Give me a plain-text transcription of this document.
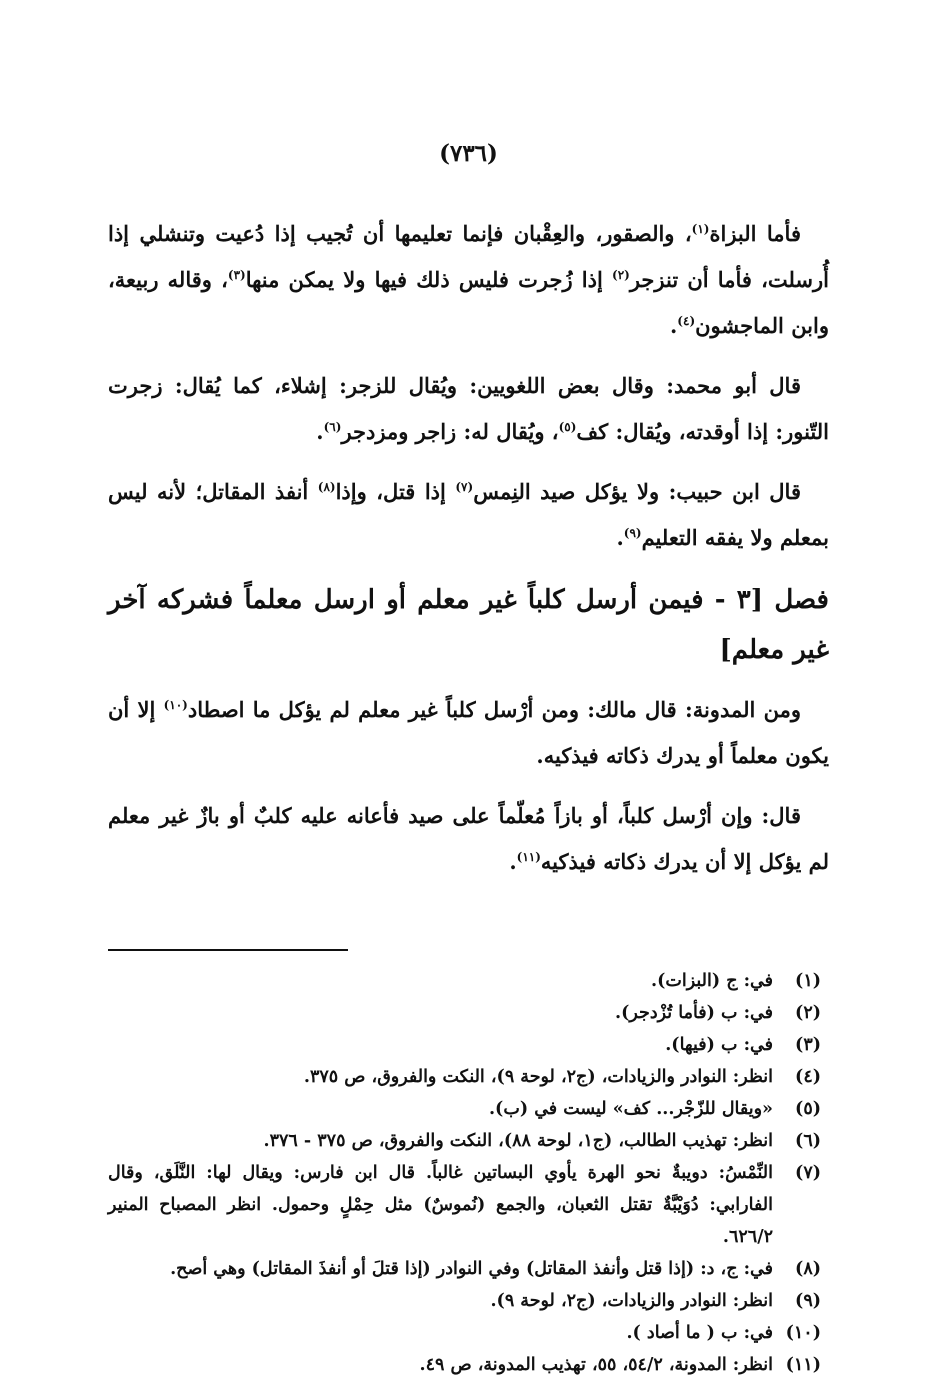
(٧٣٦)

فأما البزاة$^{(١)}$، والصقور، والعِقْبان فإنما تعليمها أن تُجيب إذا دُعيت وتنشلي إذا أُرسلت، فأما أن تنزجر$^{(٢)}$ إذا زُجرت فليس ذلك فيها ولا يمكن منها$^{(٣)}$، وقاله ربيعة، وابن الماجشون$^{(٤)}$.

قال أبو محمد: وقال بعض اللغويين: ويُقال للزجر: إشلاء، كما يُقال: زجرت التّنور: إذا أوقدته، ويُقال: كف$^{(٥)}$، ويُقال له: زاجر ومزدجر$^{(٦)}$.

قال ابن حبيب: ولا يؤكل صيد النِمس$^{(٧)}$ إذا قتل، وإذا$^{(٨)}$ أنفذ المقاتل؛ لأنه ليس بمعلم ولا يفقه التعليم$^{(٩)}$.

فصل [٣ - فيمن أرسل كلباً غير معلم أو ارسل معلماً فشركه آخر غير معلم]

ومن المدونة: قال مالك: ومن أرْسل كلباً غير معلم لم يؤكل ما اصطاد$^{(١٠)}$ إلا أن يكون معلماً أو يدرك ذكاته فيذكيه.

قال: وإن أرْسل كلباً، أو بازاً مُعلّماً على صيد فأعانه عليه كلبٌ أو بازٌ غير معلم لم يؤكل إلا أن يدرك ذكاته فيذكيه$^{(١١)}$.

(١)
في: ج (البزات).
(٢)
في: ب (فأما تُزْدجر).
(٣)
في: ب (فيها).
(٤)
انظر: النوادر والزيادات، (ج٢، لوحة ٩)، النكت والفروق، ص ٣٧٥.
(٥)
«ويقال للزّجْر... كف» ليست في (ب).
(٦)
انظر: تهذيب الطالب، (ج١، لوحة ٨٨)، النكت والفروق، ص ٣٧٥ - ٣٧٦.
(٧)
النِّمْسُ: دويبةٌ نحو الهرة يأوي البساتين غالباً. قال ابن فارس: ويقال لها: النَّلَق، وقال الفارابي: دُوَيْبَّةٌ تقتل الثعبان، والجمع (نُموسٌ) مثل حِمْلٍ وحمول. انظر المصباح المنير ٦٢٦/٢.
(٨)
في: ج، د: (إذا قتل وأنفذ المقاتل) وفي النوادر (إذا قتلَ أو أنفذَ المقاتل) وهي أصح.
(٩)
انظر: النوادر والزيادات، (ج٢، لوحة ٩).
(١٠)
في: ب ( ما أصاد ).
(١١)
انظر: المدونة، ٥٤/٢، ٥٥، تهذيب المدونة، ص ٤٩.
